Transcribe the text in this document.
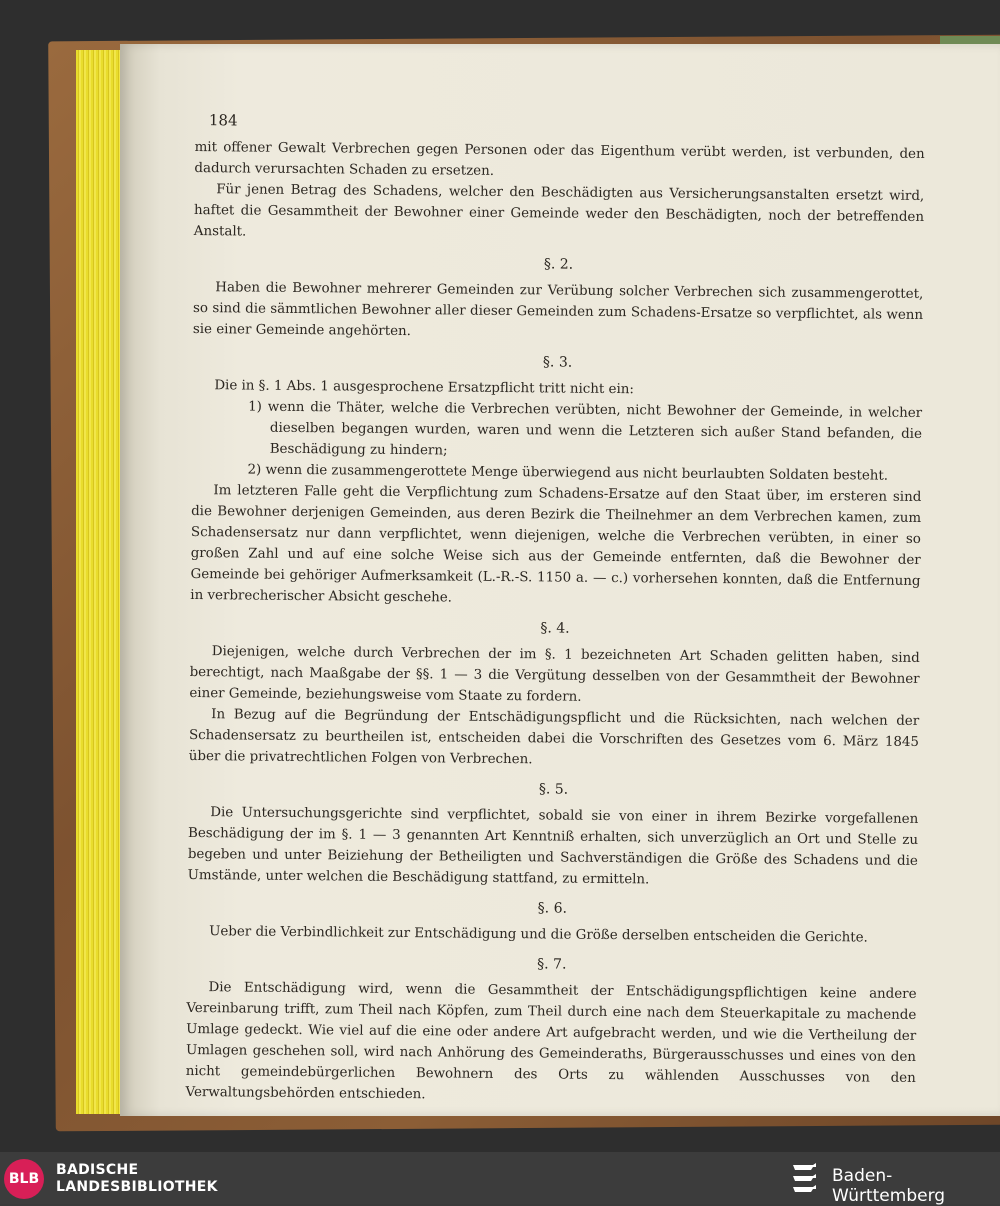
184

mit offener Gewalt Verbrechen gegen Personen oder das Eigenthum verübt werden, ist verbunden, den dadurch verursachten Schaden zu ersetzen.

Für jenen Betrag des Schadens, welcher den Beschädigten aus Versicherungsanstalten ersetzt wird, haftet die Gesammtheit der Bewohner einer Gemeinde weder den Beschädigten, noch der betreffenden Anstalt.

§. 2.

Haben die Bewohner mehrerer Gemeinden zur Verübung solcher Verbrechen sich zusammengerottet, so sind die sämmtlichen Bewohner aller dieser Gemeinden zum Schadens-Ersatze so verpflichtet, als wenn sie einer Gemeinde angehörten.

§. 3.

Die in §. 1 Abs. 1 ausgesprochene Ersatzpflicht tritt nicht ein:

1) wenn die Thäter, welche die Verbrechen verübten, nicht Bewohner der Gemeinde, in welcher dieselben begangen wurden, waren und wenn die Letzteren sich außer Stand befanden, die Beschädigung zu hindern;

2) wenn die zusammengerottete Menge überwiegend aus nicht beurlaubten Soldaten besteht.

Im letzteren Falle geht die Verpflichtung zum Schadens-Ersatze auf den Staat über, im ersteren sind die Bewohner derjenigen Gemeinden, aus deren Bezirk die Theilnehmer an dem Verbrechen kamen, zum Schadensersatz nur dann verpflichtet, wenn diejenigen, welche die Verbrechen verübten, in einer so großen Zahl und auf eine solche Weise sich aus der Gemeinde entfernten, daß die Bewohner der Gemeinde bei gehöriger Aufmerksamkeit (L.-R.-S. 1150 a. — c.) vorhersehen konnten, daß die Entfernung in verbrecherischer Absicht geschehe.

§. 4.

Diejenigen, welche durch Verbrechen der im §. 1 bezeichneten Art Schaden gelitten haben, sind berechtigt, nach Maaßgabe der §§. 1 — 3 die Vergütung desselben von der Gesammtheit der Bewohner einer Gemeinde, beziehungsweise vom Staate zu fordern.

In Bezug auf die Begründung der Entschädigungspflicht und die Rücksichten, nach welchen der Schadensersatz zu beurtheilen ist, entscheiden dabei die Vorschriften des Gesetzes vom 6. März 1845 über die privatrechtlichen Folgen von Verbrechen.

§. 5.

Die Untersuchungsgerichte sind verpflichtet, sobald sie von einer in ihrem Bezirke vorgefallenen Beschädigung der im §. 1 — 3 genannten Art Kenntniß erhalten, sich unverzüglich an Ort und Stelle zu begeben und unter Beiziehung der Betheiligten und Sachverständigen die Größe des Schadens und die Umstände, unter welchen die Beschädigung stattfand, zu ermitteln.

§. 6.

Ueber die Verbindlichkeit zur Entschädigung und die Größe derselben entscheiden die Gerichte.

§. 7.

Die Entschädigung wird, wenn die Gesammtheit der Entschädigungspflichtigen keine andere Vereinbarung trifft, zum Theil nach Köpfen, zum Theil durch eine nach dem Steuerkapitale zu machende Umlage gedeckt. Wie viel auf die eine oder andere Art aufgebracht werden, und wie die Vertheilung der Umlagen geschehen soll, wird nach Anhörung des Gemeinderaths, Bürgerausschusses und eines von den nicht gemeindebürgerlichen Bewohnern des Orts zu wählenden Ausschusses von den Verwaltungsbehörden entschieden.

BLB
BADISCHE
LANDESBIBLIOTHEK
Baden-Württemberg
